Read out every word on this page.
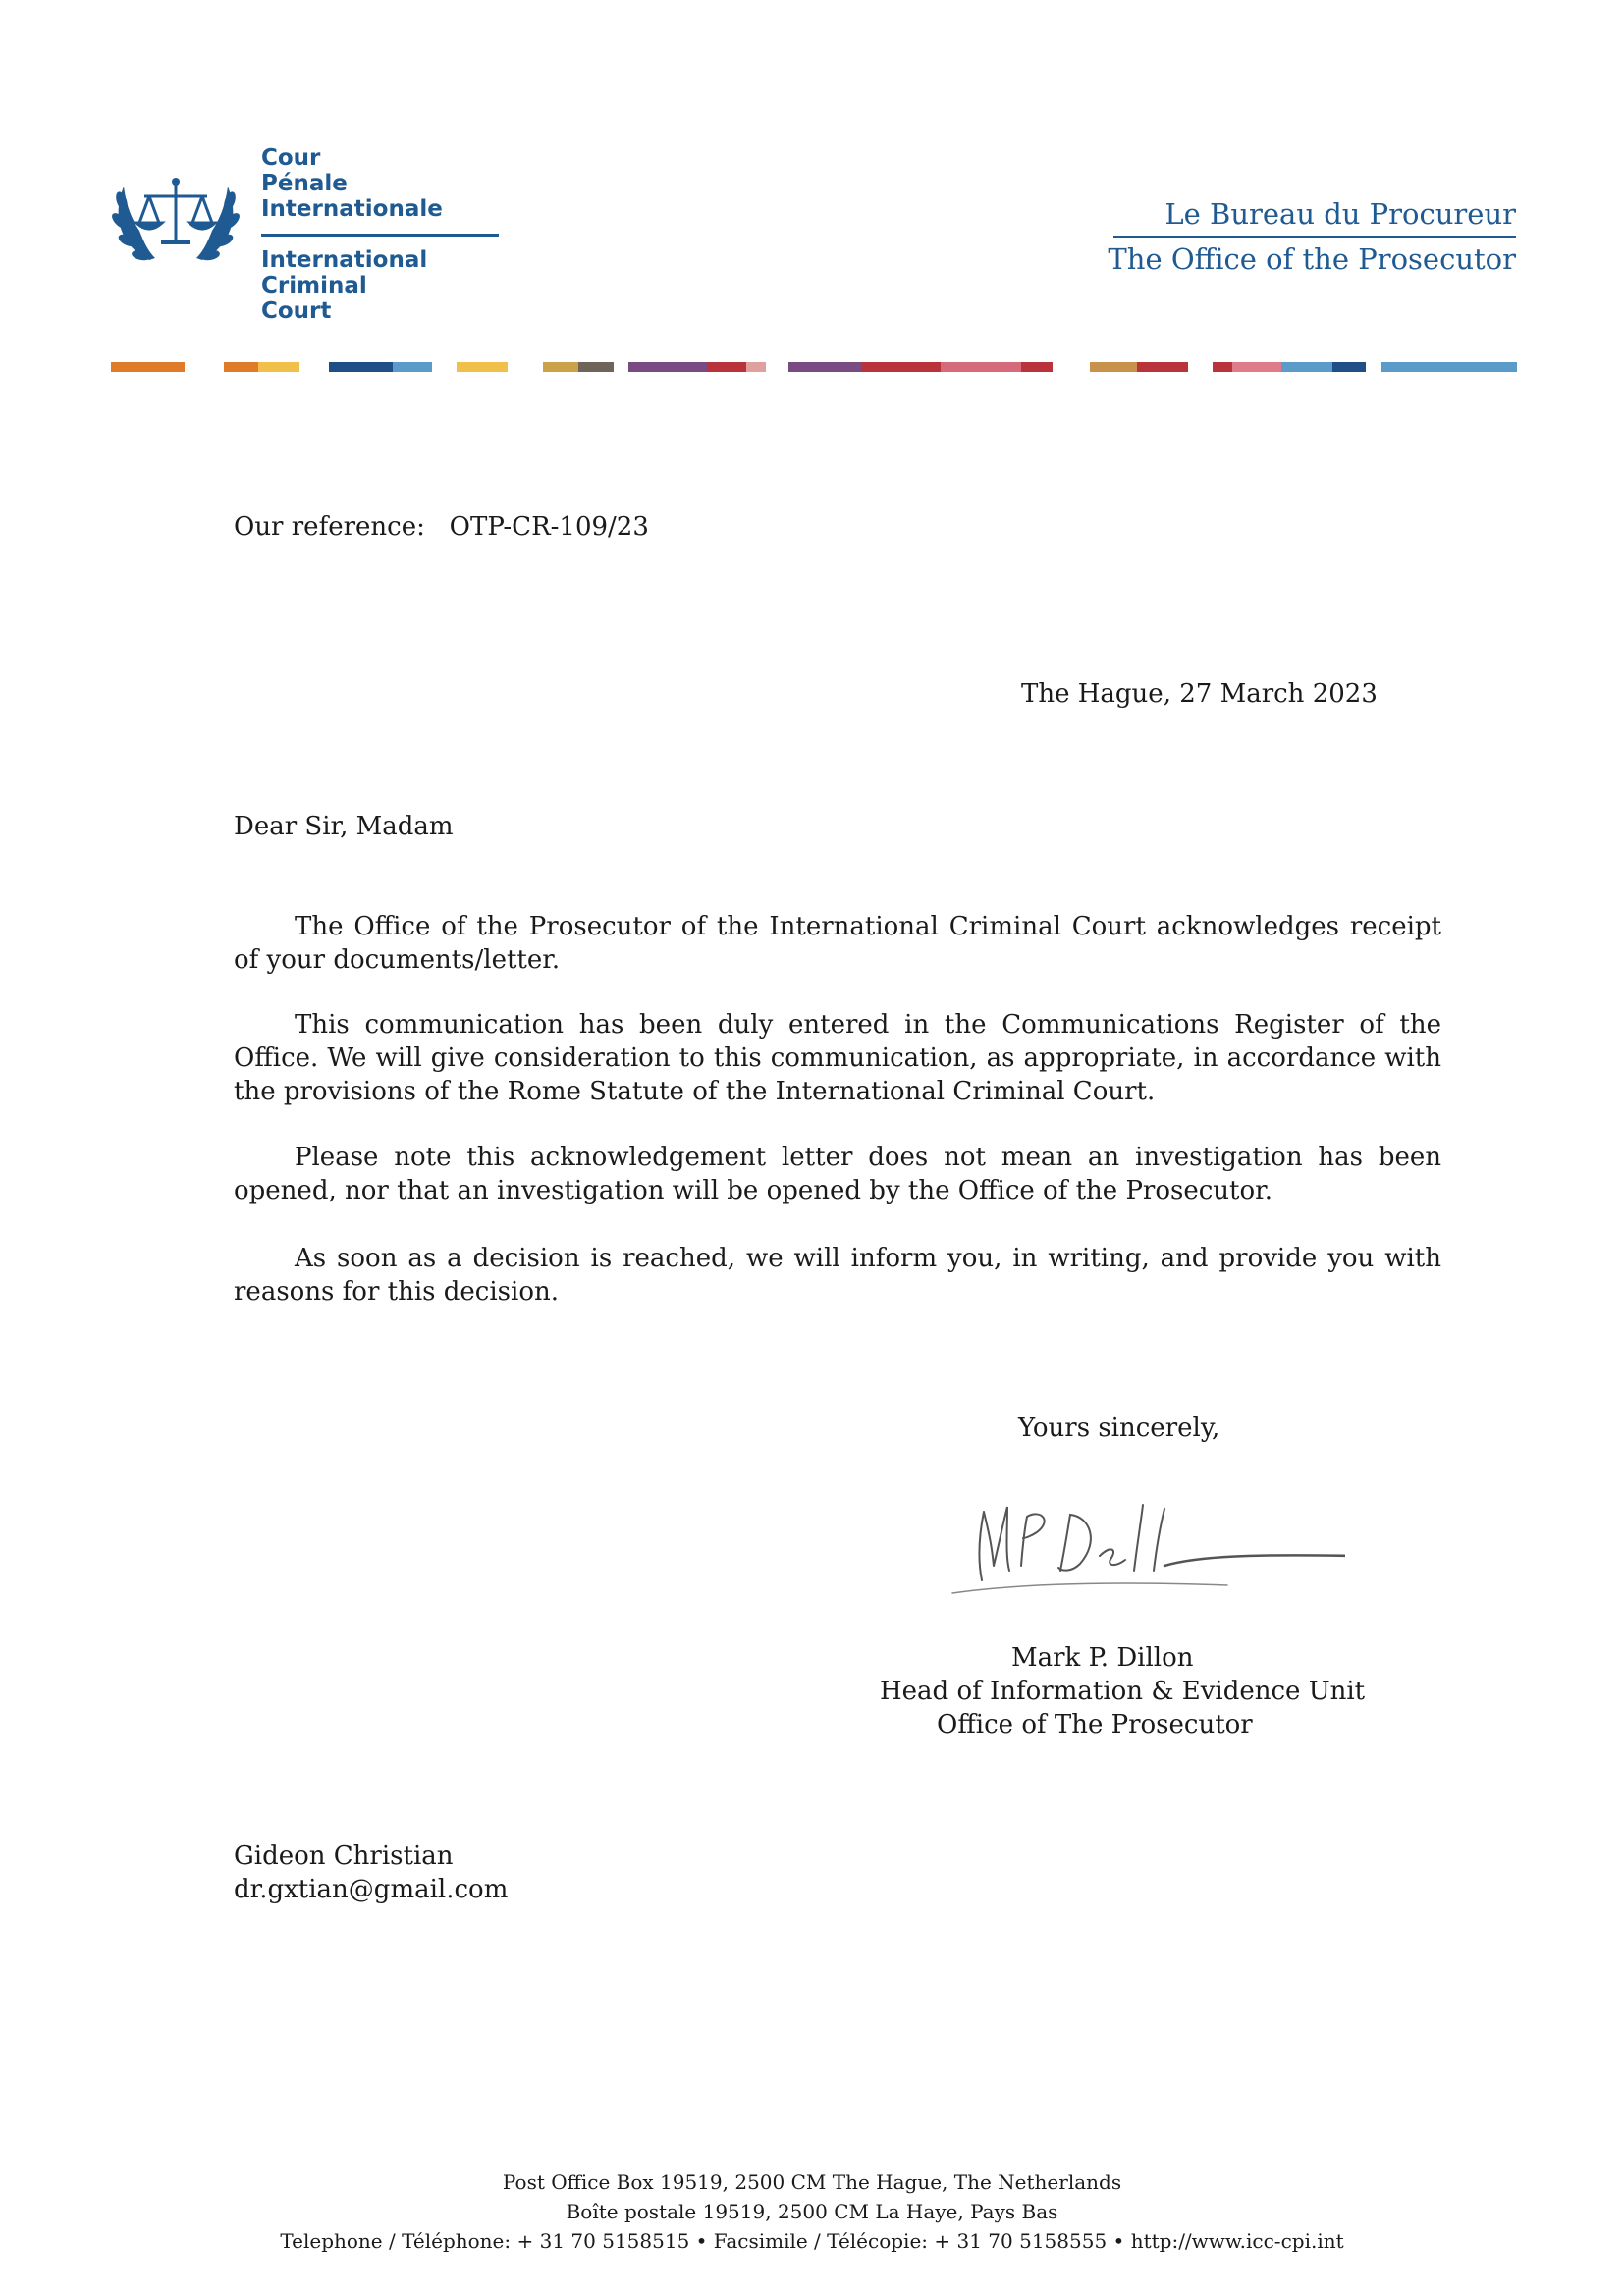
Cour
Pénale
Internationale
International
Criminal
Court
Le Bureau du Procureur
The Office of the Prosecutor
Our reference: OTP-CR-109/23
The Hague, 27 March 2023
Dear Sir, Madam
The Office of the Prosecutor of the International Criminal Court acknowledges receipt of your documents/letter.
This communication has been duly entered in the Communications Register of the Office. We will give consideration to this communication, as appropriate, in accordance with the provisions of the Rome Statute of the International Criminal Court.
Please note this acknowledgement letter does not mean an investigation has been opened, nor that an investigation will be opened by the Office of the Prosecutor.
As soon as a decision is reached, we will inform you, in writing, and provide you with reasons for this decision.
Yours sincerely,
Mark P. Dillon
Head of Information & Evidence Unit
Office of The Prosecutor
Gideon Christian
dr.gxtian@gmail.com
Post Office Box 19519, 2500 CM The Hague, The Netherlands
Boîte postale 19519, 2500 CM La Haye, Pays Bas
Telephone / Téléphone: + 31 70 5158515 • Facsimile / Télécopie: + 31 70 5158555 • http://www.icc-cpi.int
